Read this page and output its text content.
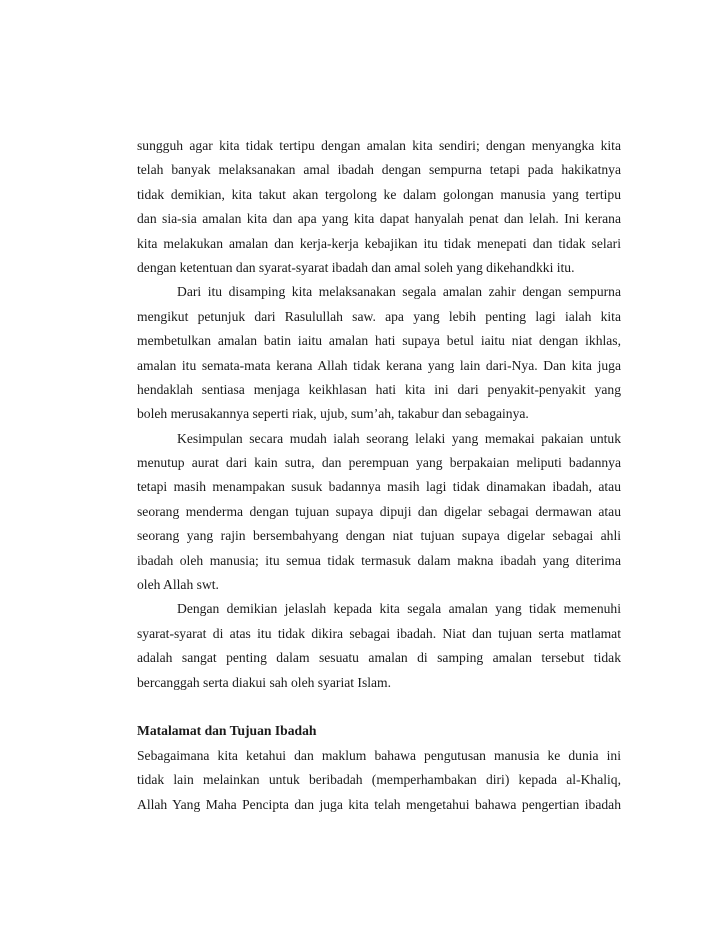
sungguh agar kita tidak tertipu dengan amalan kita sendiri; dengan menyangka kita
telah banyak melaksanakan amal ibadah dengan sempurna tetapi pada hakikatnya
tidak demikian, kita takut akan tergolong ke dalam golongan manusia yang tertipu
dan sia-sia amalan kita dan apa yang kita dapat hanyalah penat dan lelah. Ini kerana
kita melakukan amalan dan kerja-kerja kebajikan itu tidak menepati dan tidak selari
dengan ketentuan dan syarat-syarat ibadah dan amal soleh yang dikehandkki itu.
Dari itu disamping kita melaksanakan segala amalan zahir dengan sempurna
mengikut petunjuk dari Rasulullah saw. apa yang lebih penting lagi ialah kita
membetulkan amalan batin iaitu amalan hati supaya betul iaitu niat dengan ikhlas,
amalan itu semata-mata kerana Allah tidak kerana yang lain dari-Nya. Dan kita juga
hendaklah sentiasa menjaga keikhlasan hati kita ini dari penyakit-penyakit yang
boleh merusakannya seperti riak, ujub, sum’ah, takabur dan sebagainya.
Kesimpulan secara mudah ialah seorang lelaki yang memakai pakaian untuk
menutup aurat dari kain sutra, dan perempuan yang berpakaian meliputi badannya
tetapi masih menampakan susuk badannya masih lagi tidak dinamakan ibadah, atau
seorang menderma dengan tujuan supaya dipuji dan digelar sebagai dermawan atau
seorang yang rajin bersembahyang dengan niat tujuan supaya digelar sebagai ahli
ibadah oleh manusia; itu semua tidak termasuk dalam makna ibadah yang diterima
oleh Allah swt.
Dengan demikian jelaslah kepada kita segala amalan yang tidak memenuhi
syarat-syarat di atas itu tidak dikira sebagai ibadah. Niat dan tujuan serta matlamat
adalah sangat penting dalam sesuatu amalan di samping amalan tersebut tidak
bercanggah serta diakui sah oleh syariat Islam.
Matalamat dan Tujuan Ibadah
Sebagaimana kita ketahui dan maklum bahawa pengutusan manusia ke dunia ini
tidak lain melainkan untuk beribadah (memperhambakan diri) kepada al-Khaliq,
Allah Yang Maha Pencipta dan juga kita telah mengetahui bahawa pengertian ibadah
